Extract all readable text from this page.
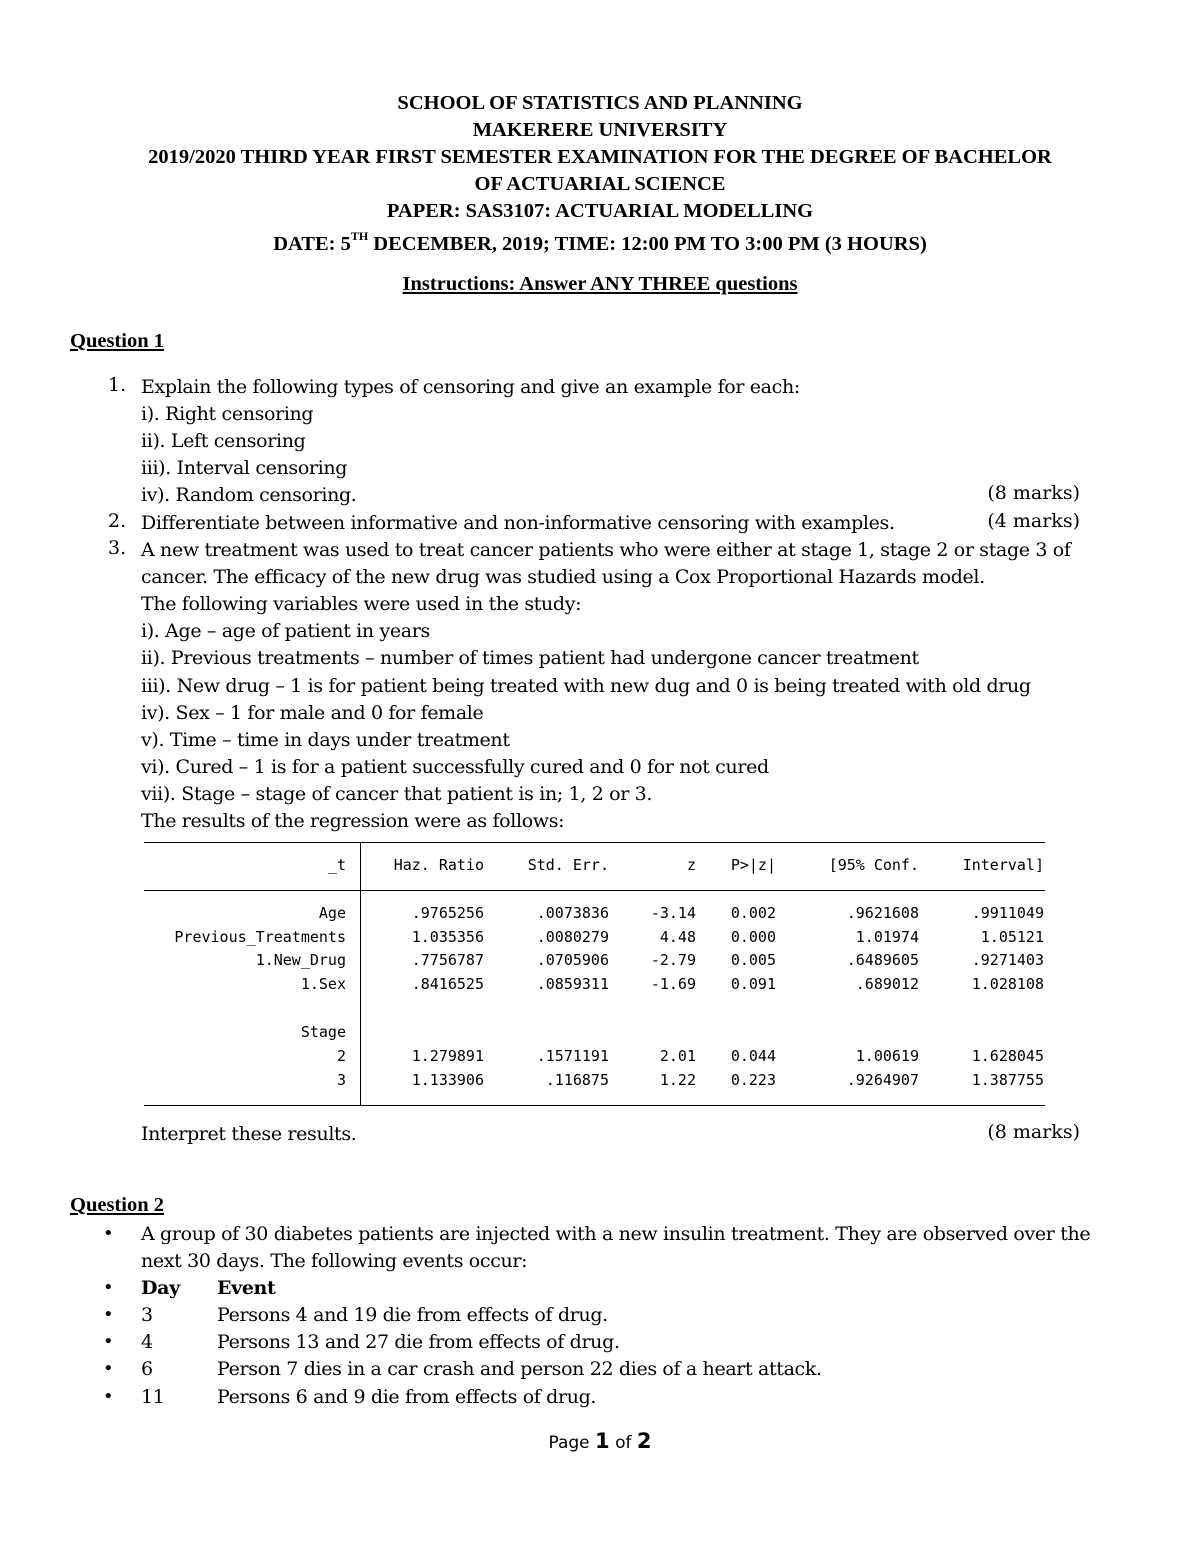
SCHOOL OF STATISTICS AND PLANNING
MAKERERE UNIVERSITY
2019/2020 THIRD YEAR FIRST SEMESTER EXAMINATION FOR THE DEGREE OF BACHELOR
OF ACTUARIAL SCIENCE
PAPER: SAS3107: ACTUARIAL MODELLING
DATE: 5TH DECEMBER, 2019; TIME: 12:00 PM TO 3:00 PM (3 HOURS)
Instructions: Answer ANY THREE questions
Question 1
1. Explain the following types of censoring and give an example for each:
i). Right censoring
ii). Left censoring
iii). Interval censoring
iv). Random censoring.	(8 marks)
2. Differentiate between informative and non-informative censoring with examples.	(4 marks)
3. A new treatment was used to treat cancer patients who were either at stage 1, stage 2 or stage 3 of
cancer. The efficacy of the new drug was studied using a Cox Proportional Hazards model.
The following variables were used in the study:
i). Age – age of patient in years
ii). Previous treatments – number of times patient had undergone cancer treatment
iii). New drug – 1 is for patient being treated with new dug and 0 is being treated with old drug
iv). Sex – 1 for male and 0 for female
v). Time – time in days under treatment
vi). Cured – 1 is for a patient successfully cured and 0 for not cured
vii). Stage – stage of cancer that patient is in; 1, 2 or 3.
The results of the regression were as follows:
_t	Haz. Ratio	Std. Err.	z P>|z|	[95% Conf.	Interval]
Age	.9765256	.0073836	-3.14 0.002	.9621608	.9911049
Previous_Treatments	1.035356	.0080279	4.48 0.000	1.01974	1.05121
1.New_Drug	.7756787	.0705906	-2.79 0.005	.6489605	.9271403
1.Sex	.8416525	.0859311	-1.69 0.091	.689012	1.028108
Stage
2	1.279891	.1571191	2.01 0.044	1.00619	1.628045
3	1.133906	.116875	1.22 0.223	.9264907	1.387755
Interpret these results.	(8 marks)
Question 2
• A group of 30 diabetes patients are injected with a new insulin treatment. They are observed over the
next 30 days. The following events occur:
• Day Event
• 3	Persons 4 and 19 die from effects of drug.
• 4	Persons 13 and 27 die from effects of drug.
• 6	Person 7 dies in a car crash and person 22 dies of a heart attack.
• 11	Persons 6 and 9 die from effects of drug.
Page 1 of 2
